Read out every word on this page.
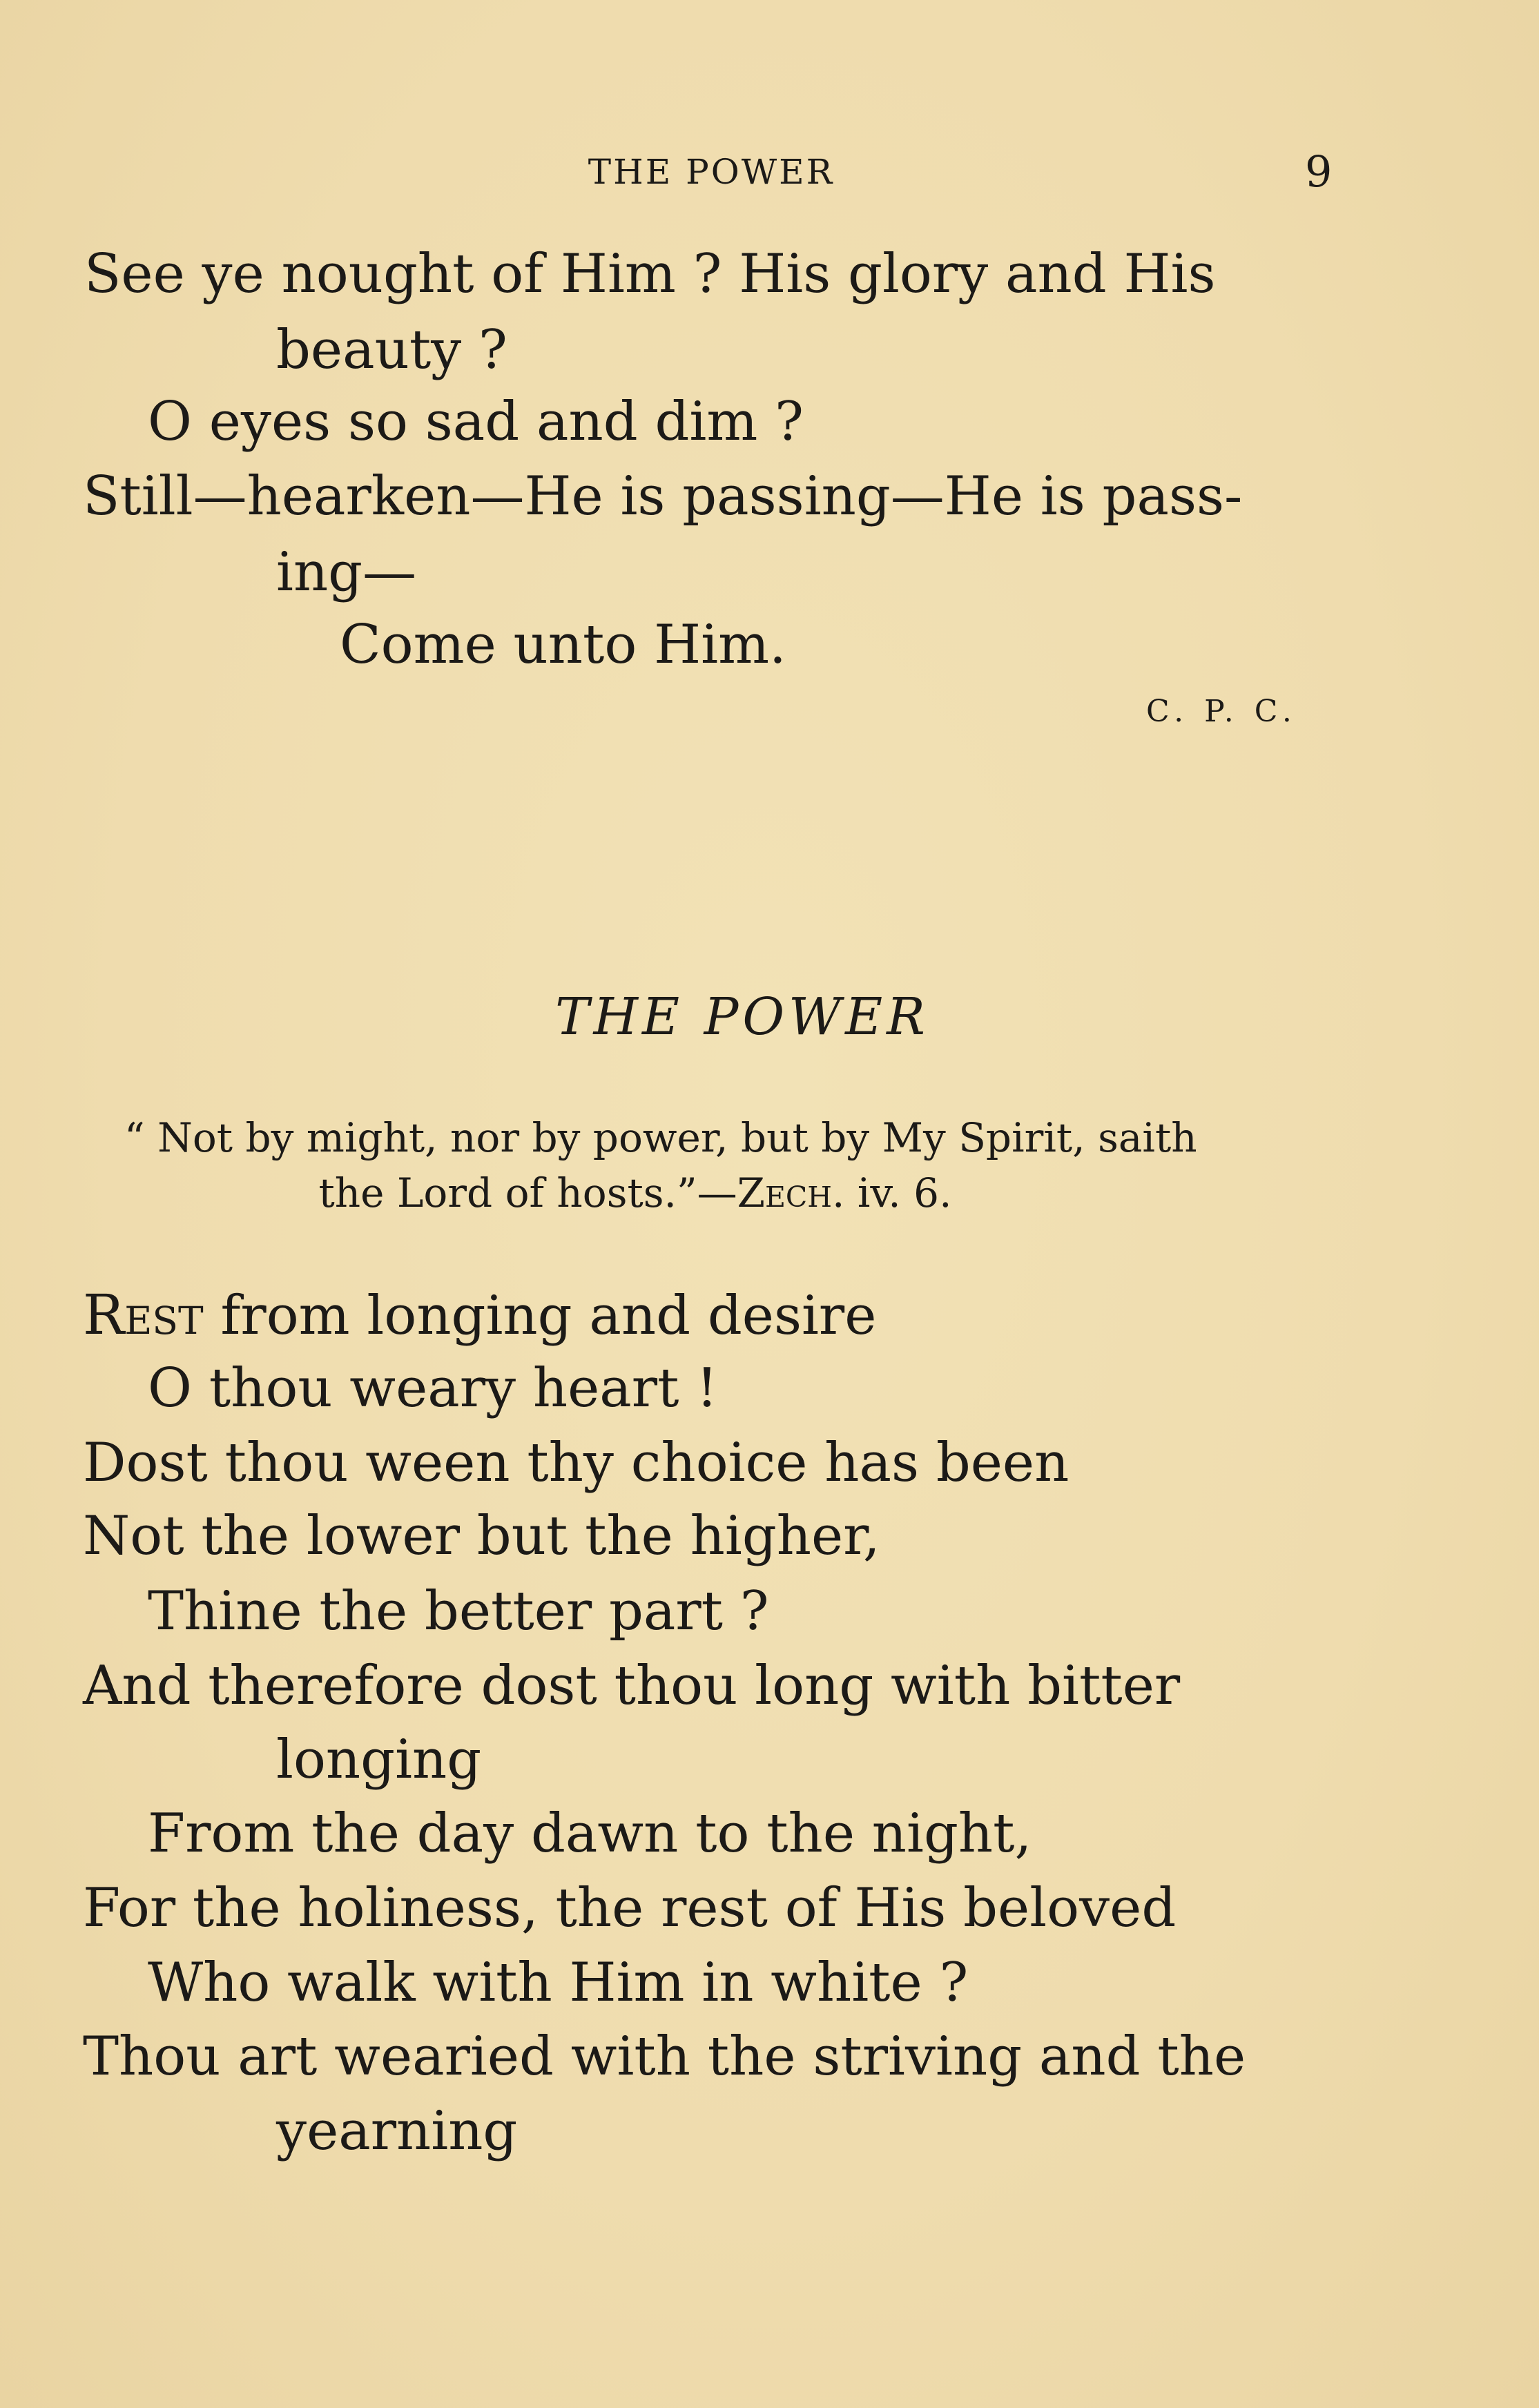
THE POWER	9
See ye nought of Him ? His glory and His
beauty ?
O eyes so sad and dim ?
Still—hearken—He is passing—He is pass-
ing—
Come unto Him.
C. P. C.
THE POWER
“ Not by might, nor by power, but by My Spirit, saith
the Lord of hosts.”—Zech. iv. 6.
Rest from longing and desire
O thou weary heart !
Dost thou ween thy choice has been
Not the lower but the higher,
Thine the better part ?
And therefore dost thou long with bitter
longing
From the day dawn to the night,
For the holiness, the rest of His beloved
Who walk with Him in white ?
Thou art wearied with the striving and the
yearning
